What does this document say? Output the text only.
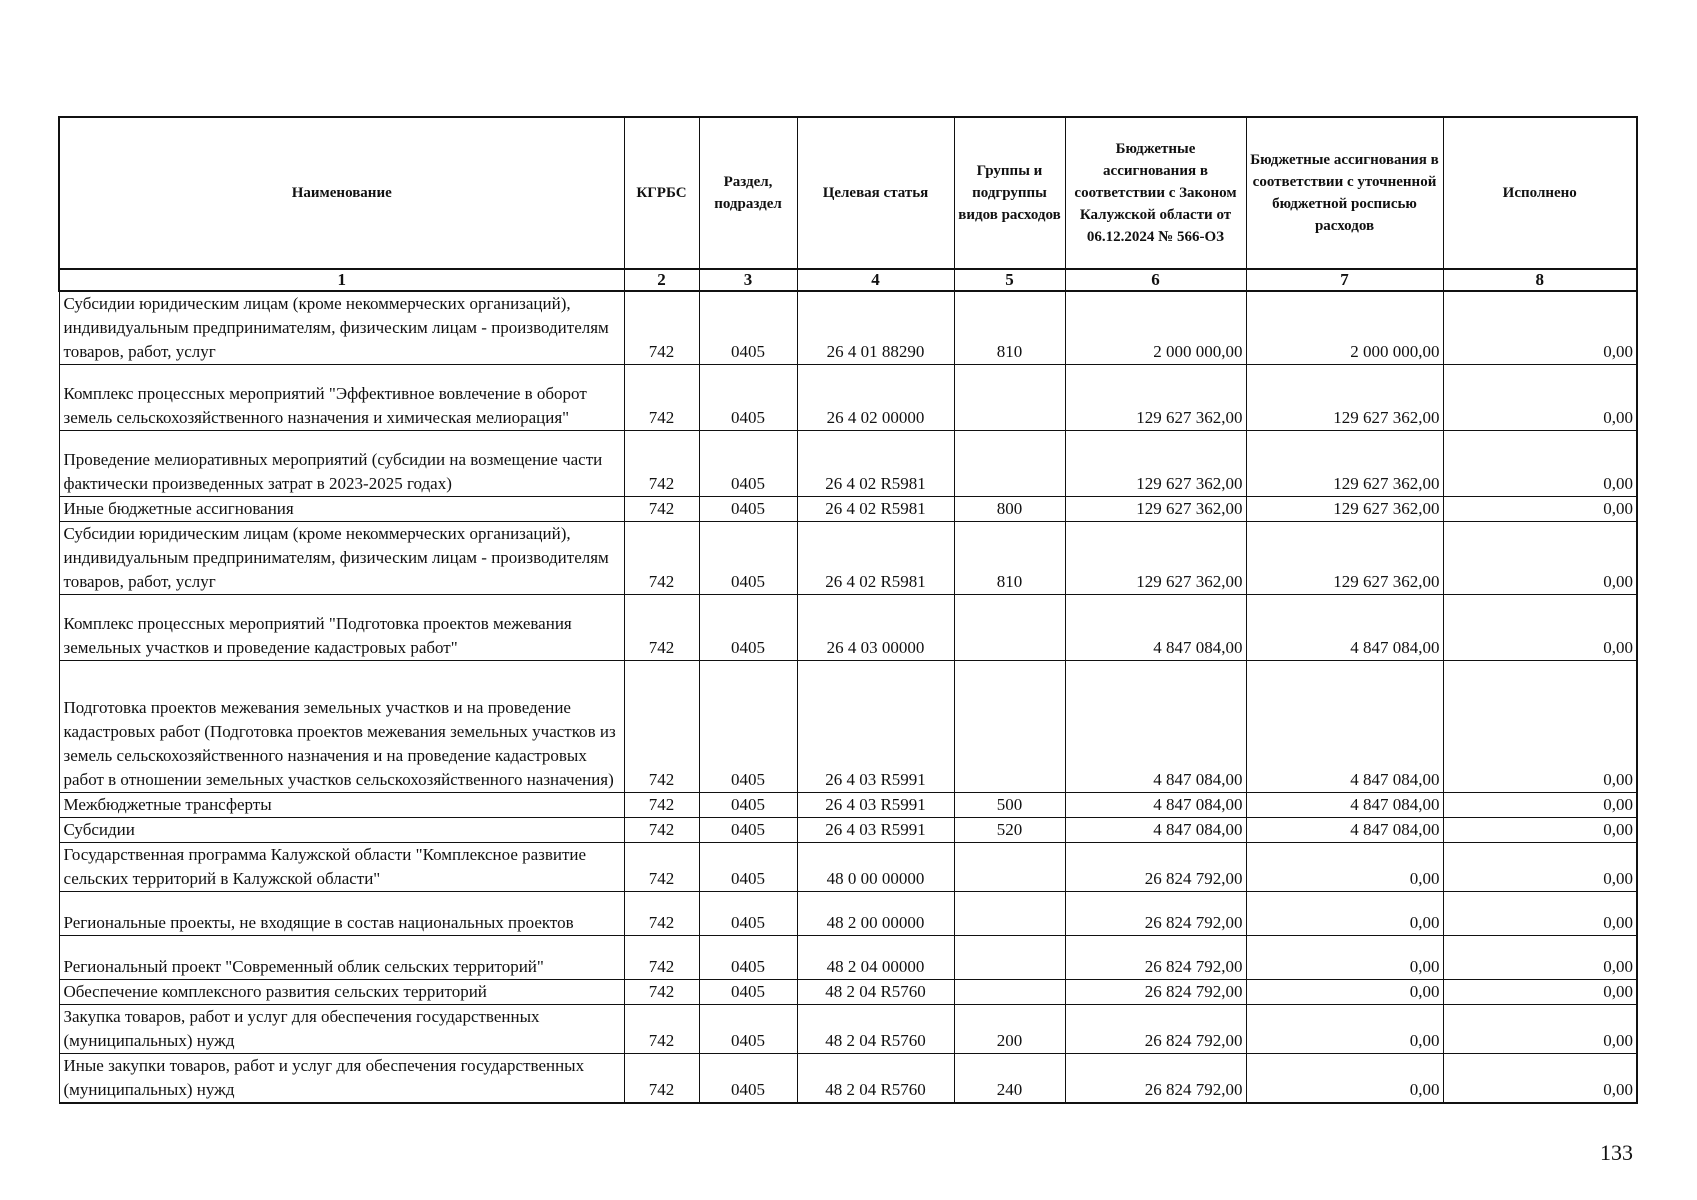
Наименование	КГРБС	Раздел, подраздел	Целевая статья	Группы и подгруппы видов расходов	Бюджетные ассигнования в соответствии с Законом Калужской области от 06.12.2024 № 566-ОЗ	Бюджетные ассигнования в соответствии с уточненной бюджетной росписью расходов	Исполнено
1	2	3	4	5	6	7	8
Субсидии юридическим лицам (кроме некоммерческих организаций), индивидуальным предпринимателям, физическим лицам - производителям товаров, работ, услуг	742	0405	26 4 01 88290	810	2 000 000,00	2 000 000,00	0,00
Комплекс процессных мероприятий "Эффективное вовлечение в оборот земель сельскохозяйственного назначения и химическая мелиорация"	742	0405	26 4 02 00000		129 627 362,00	129 627 362,00	0,00
Проведение мелиоративных мероприятий (субсидии на возмещение части фактически произведенных затрат в 2023-2025 годах)	742	0405	26 4 02 R5981		129 627 362,00	129 627 362,00	0,00
Иные бюджетные ассигнования	742	0405	26 4 02 R5981	800	129 627 362,00	129 627 362,00	0,00
Субсидии юридическим лицам (кроме некоммерческих организаций), индивидуальным предпринимателям, физическим лицам - производителям товаров, работ, услуг	742	0405	26 4 02 R5981	810	129 627 362,00	129 627 362,00	0,00
Комплекс процессных мероприятий "Подготовка проектов межевания земельных участков и проведение кадастровых работ"	742	0405	26 4 03 00000		4 847 084,00	4 847 084,00	0,00
Подготовка проектов межевания земельных участков и на проведение кадастровых работ (Подготовка проектов межевания земельных участков из земель сельскохозяйственного назначения и на проведение кадастровых работ в отношении земельных участков сельскохозяйственного назначения)	742	0405	26 4 03 R5991		4 847 084,00	4 847 084,00	0,00
Межбюджетные трансферты	742	0405	26 4 03 R5991	500	4 847 084,00	4 847 084,00	0,00
Субсидии	742	0405	26 4 03 R5991	520	4 847 084,00	4 847 084,00	0,00
Государственная программа Калужской области "Комплексное развитие сельских территорий в Калужской области"	742	0405	48 0 00 00000		26 824 792,00	0,00	0,00
Региональные проекты, не входящие в состав национальных проектов	742	0405	48 2 00 00000		26 824 792,00	0,00	0,00
Региональный проект "Современный облик сельских территорий"	742	0405	48 2 04 00000		26 824 792,00	0,00	0,00
Обеспечение комплексного развития сельских территорий	742	0405	48 2 04 R5760		26 824 792,00	0,00	0,00
Закупка товаров, работ и услуг для обеспечения государственных (муниципальных) нужд	742	0405	48 2 04 R5760	200	26 824 792,00	0,00	0,00
Иные закупки товаров, работ и услуг для обеспечения государственных (муниципальных) нужд	742	0405	48 2 04 R5760	240	26 824 792,00	0,00	0,00
133
